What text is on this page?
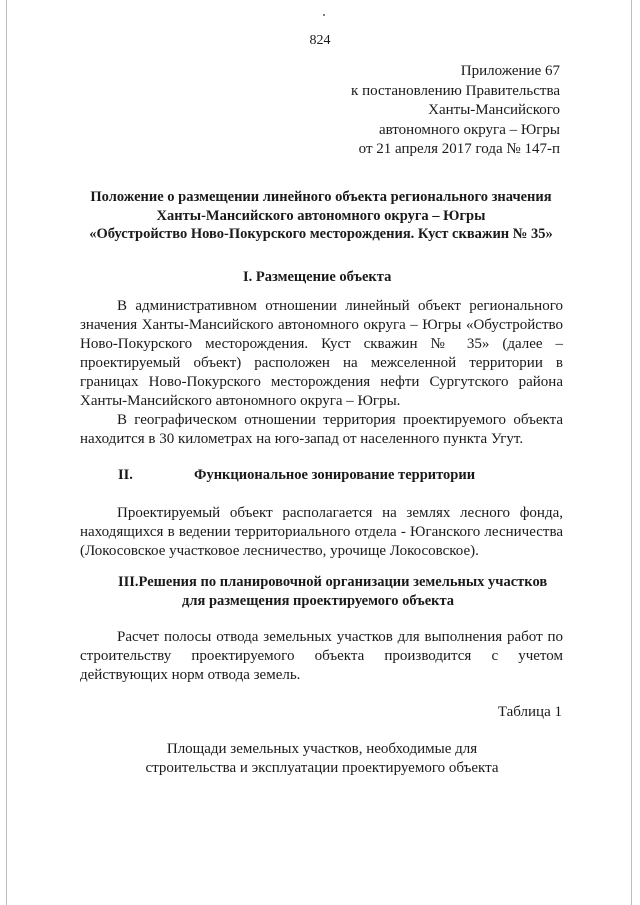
824
Приложение 67
к постановлению Правительства
Ханты-Мансийского
автономного округа – Югры
от 21 апреля 2017 года № 147-п
Положение о размещении линейного объекта регионального значения
Ханты-Мансийского автономного округа – Югры
«Обустройство Ново-Покурского месторождения. Куст скважин № 35»
I. Размещение объекта
В административном отношении линейный объект регионального
значения Ханты-Мансийского автономного округа – Югры «Обустройство
Ново-Покурского месторождения. Куст скважин № 35» (далее –
проектируемый объект) расположен на межселенной территории в
границах Ново-Покурского месторождения нефти Сургутского района
Ханты-Мансийского автономного округа – Югры.
В географическом отношении территория проектируемого объекта
находится в 30 километрах на юго-запад от населенного пункта Угут.
II.	Функциональное зонирование территории
Проектируемый объект располагается на землях лесного фонда,
находящихся в ведении территориального отдела - Юганского лесничества
(Локосовское участковое лесничество, урочище Локосовское).
III.Решения по планировочной организации земельных участков
для размещения проектируемого объекта
Расчет полосы отвода земельных участков для выполнения работ по
строительству проектируемого объекта производится с учетом
действующих норм отвода земель.
Таблица 1
Площади земельных участков, необходимые для
строительства и эксплуатации проектируемого объекта
